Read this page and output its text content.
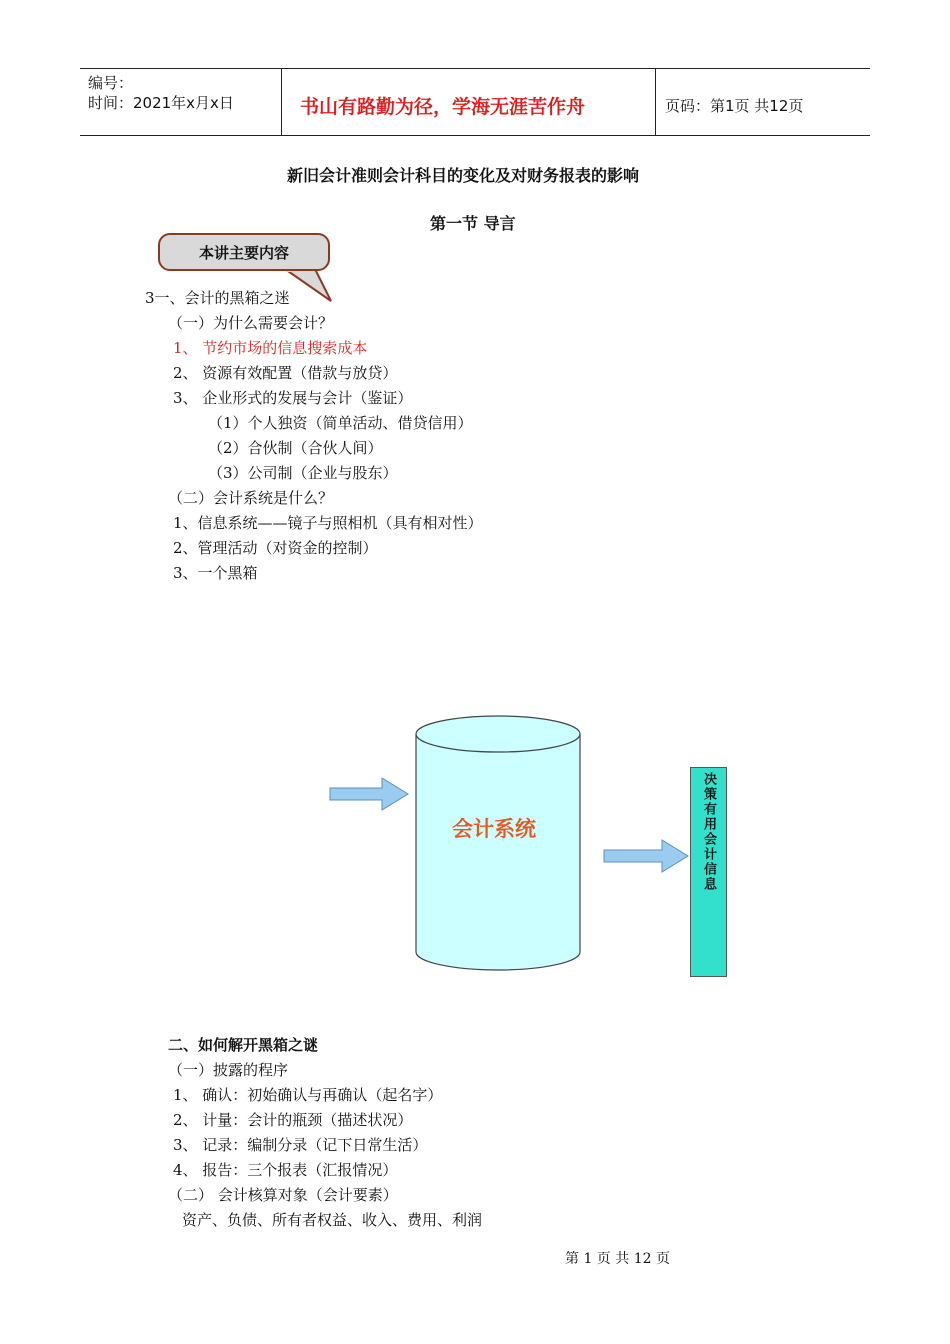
编号：
时间：2021年x月x日	书山有路勤为径，学海无涯苦作舟	页码：第1页 共12页
新旧会计准则会计科目的变化及对财务报表的影响
第一节 导言
本讲主要内容
3一、会计的黑箱之迷
（一）为什么需要会计？
1、 节约市场的信息搜索成本
2、 资源有效配置（借款与放贷）
3、 企业形式的发展与会计（鉴证）
（1）个人独资（简单活动、借贷信用）
（2）合伙制（合伙人间）
（3）公司制（企业与股东）
（二）会计系统是什么？
1、信息系统——镜子与照相机（具有相对性）
2、管理活动（对资金的控制）
3、一个黑箱
会计系统	决策有用会计信息
二、如何解开黑箱之谜
（一）披露的程序
1、 确认：初始确认与再确认（起名字）
2、 计量：会计的瓶颈（描述状况）
3、 记录：编制分录（记下日常生活）
4、 报告：三个报表（汇报情况）
（二） 会计核算对象（会计要素）
资产、负债、所有者权益、收入、费用、利润
第 1 页 共 12 页
